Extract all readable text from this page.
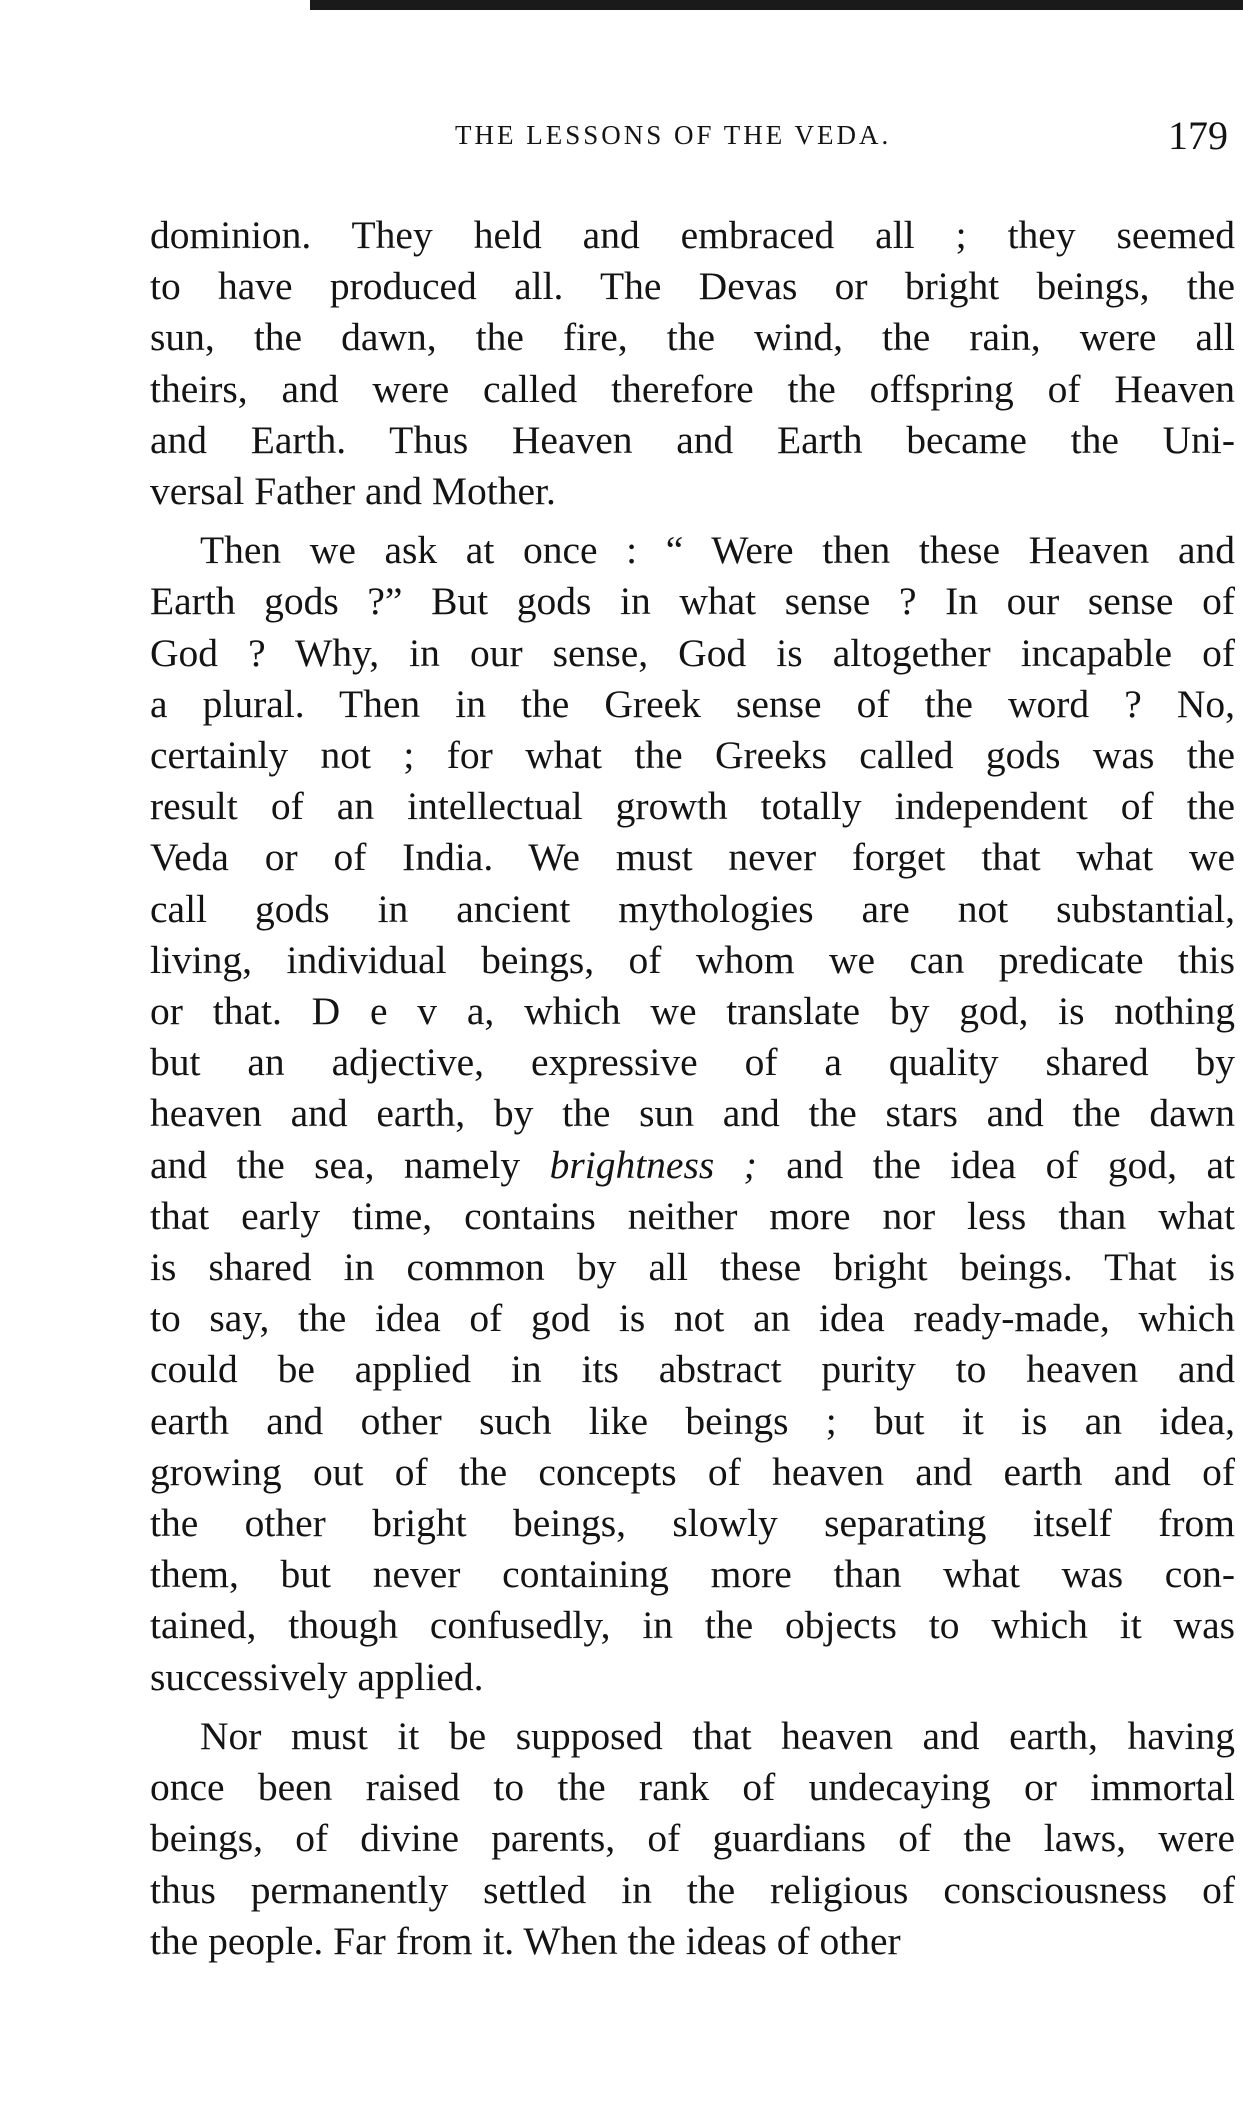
THE LESSONS OF THE VEDA.	179

dominion. They held and embraced all ; they seemed
to have produced all. The Devas or bright beings, the
sun, the dawn, the fire, the wind, the rain, were all
theirs, and were called therefore the offspring of Heaven
and Earth. Thus Heaven and Earth became the Uni-
versal Father and Mother.

Then we ask at once : “ Were then these Heaven and
Earth gods ?” But gods in what sense ? In our sense of
God ? Why, in our sense, God is altogether incapable of
a plural. Then in the Greek sense of the word ? No,
certainly not ; for what the Greeks called gods was the
result of an intellectual growth totally independent of the
Veda or of India. We must never forget that what we
call gods in ancient mythologies are not substantial,
living, individual beings, of whom we can predicate this
or that. D e v a, which we translate by god, is nothing
but an adjective, expressive of a quality shared by
heaven and earth, by the sun and the stars and the dawn
and the sea, namely brightness ; and the idea of god, at
that early time, contains neither more nor less than what
is shared in common by all these bright beings. That is
to say, the idea of god is not an idea ready-made, which
could be applied in its abstract purity to heaven and
earth and other such like beings ; but it is an idea,
growing out of the concepts of heaven and earth and of
the other bright beings, slowly separating itself from
them, but never containing more than what was con-
tained, though confusedly, in the objects to which it was
successively applied.

Nor must it be supposed that heaven and earth, having
once been raised to the rank of undecaying or immortal
beings, of divine parents, of guardians of the laws, were
thus permanently settled in the religious consciousness of
the people. Far from it. When the ideas of other
